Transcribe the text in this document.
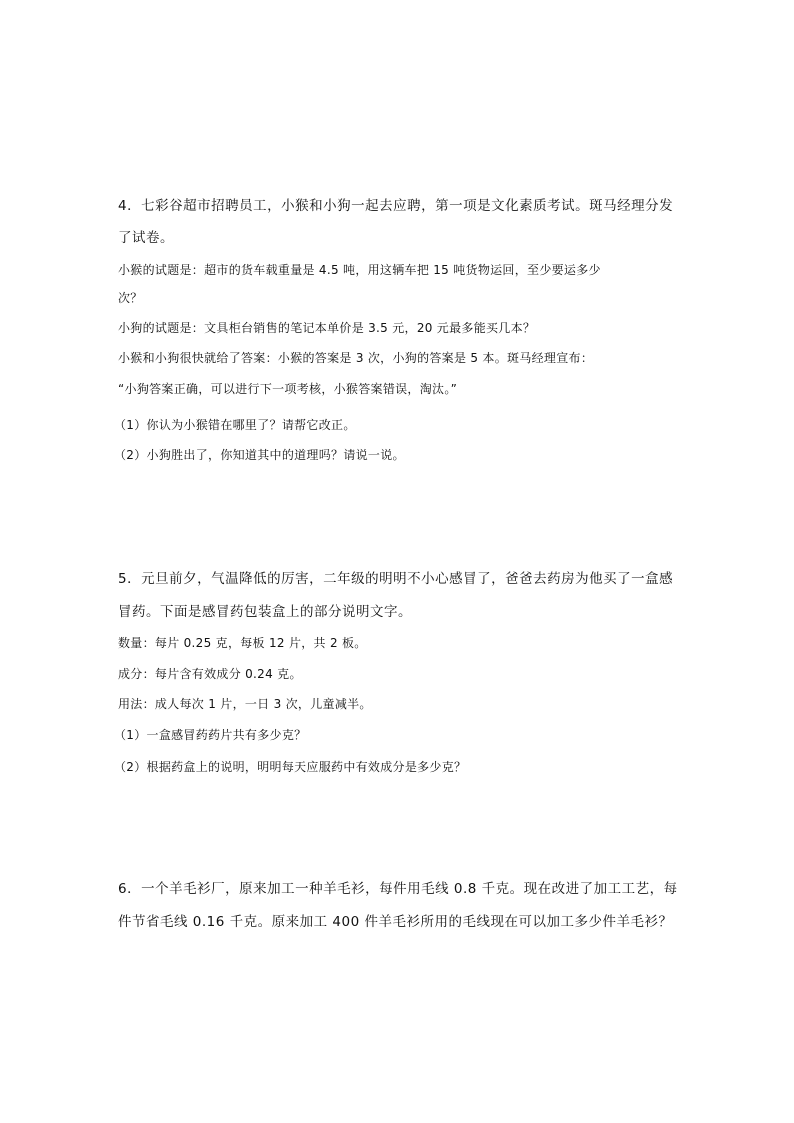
4．七彩谷超市招聘员工，小猴和小狗一起去应聘，第一项是文化素质考试。斑马经理分发
了试卷。
小猴的试题是：超市的货车载重量是 4.5 吨，用这辆车把 15 吨货物运回，至少要运多少
次？
小狗的试题是：文具柜台销售的笔记本单价是 3.5 元，20 元最多能买几本？
小猴和小狗很快就给了答案：小猴的答案是 3 次，小狗的答案是 5 本。斑马经理宣布：
“小狗答案正确，可以进行下一项考核，小猴答案错误，淘汰。”
（1）你认为小猴错在哪里了？请帮它改正。
（2）小狗胜出了，你知道其中的道理吗？请说一说。
5．元旦前夕，气温降低的厉害，二年级的明明不小心感冒了，爸爸去药房为他买了一盒感
冒药。下面是感冒药包装盒上的部分说明文字。
数量：每片 0.25 克，每板 12 片，共 2 板。
成分：每片含有效成分 0.24 克。
用法：成人每次 1 片，一日 3 次，儿童减半。
（1）一盒感冒药药片共有多少克？
（2）根据药盒上的说明，明明每天应服药中有效成分是多少克？
6．一个羊毛衫厂，原来加工一种羊毛衫，每件用毛线 0.8 千克。现在改进了加工工艺，每
件节省毛线 0.16 千克。原来加工 400 件羊毛衫所用的毛线现在可以加工多少件羊毛衫？
